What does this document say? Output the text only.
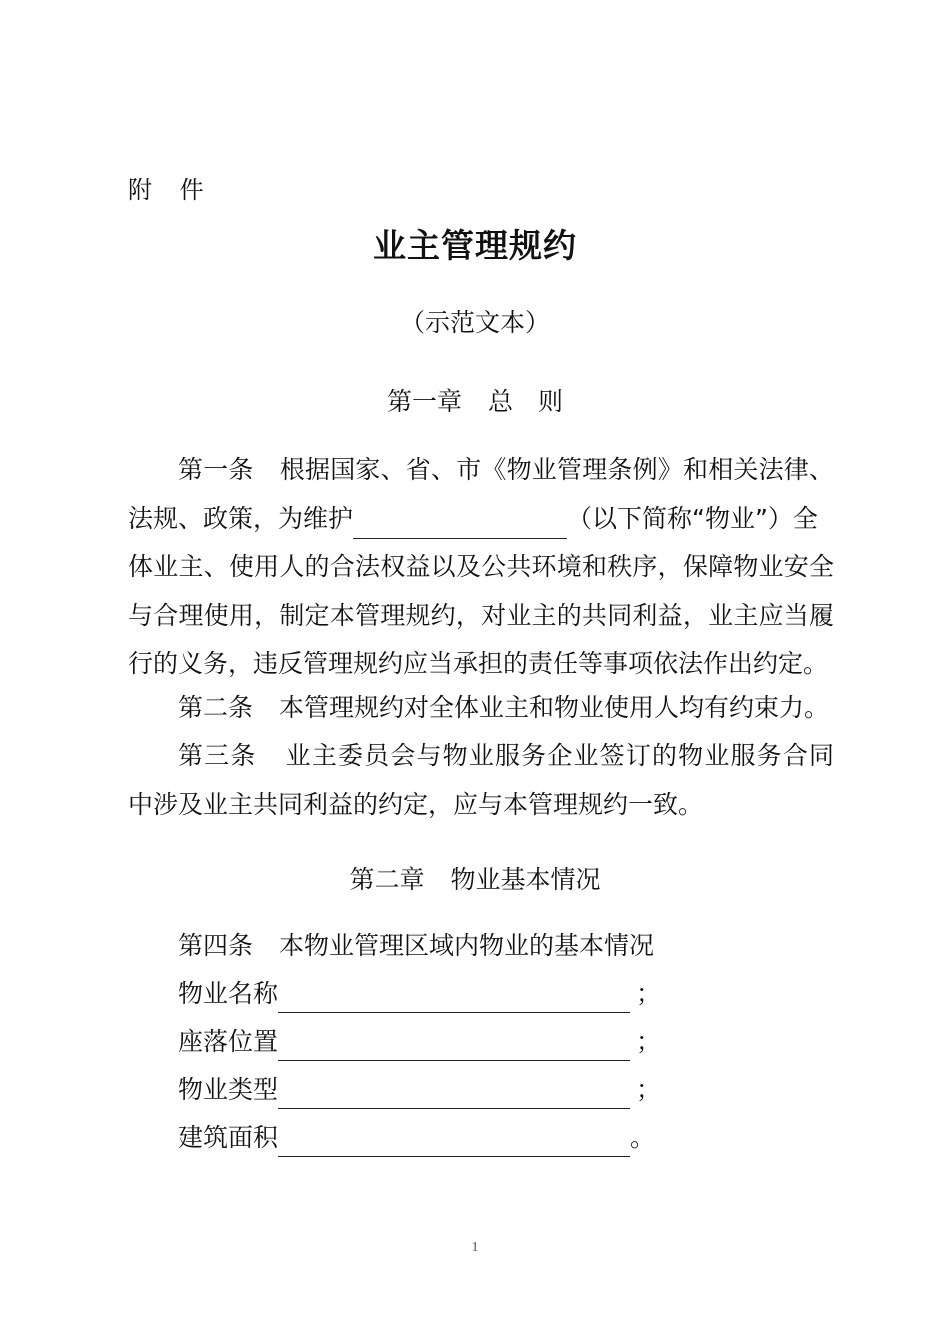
附 件
业主管理规约
（示范文本）
第一章 总　则
第一条 根据国家、省、市《物业管理条例》和相关法律、
法规、政策，为维护	（以下简称“物业”）全
体业主、使用人的合法权益以及公共环境和秩序，保障物业安全
与合理使用，制定本管理规约，对业主的共同利益，业主应当履
行的义务，违反管理规约应当承担的责任等事项依法作出约定。
第二条 本管理规约对全体业主和物业使用人均有约束力。
第三条 业主委员会与物业服务企业签订的物业服务合同
中涉及业主共同利益的约定，应与本管理规约一致。
第二章 物业基本情况
第四条 本物业管理区域内物业的基本情况
物业名称	；
座落位置	；
物业类型	；
建筑面积	。
1
